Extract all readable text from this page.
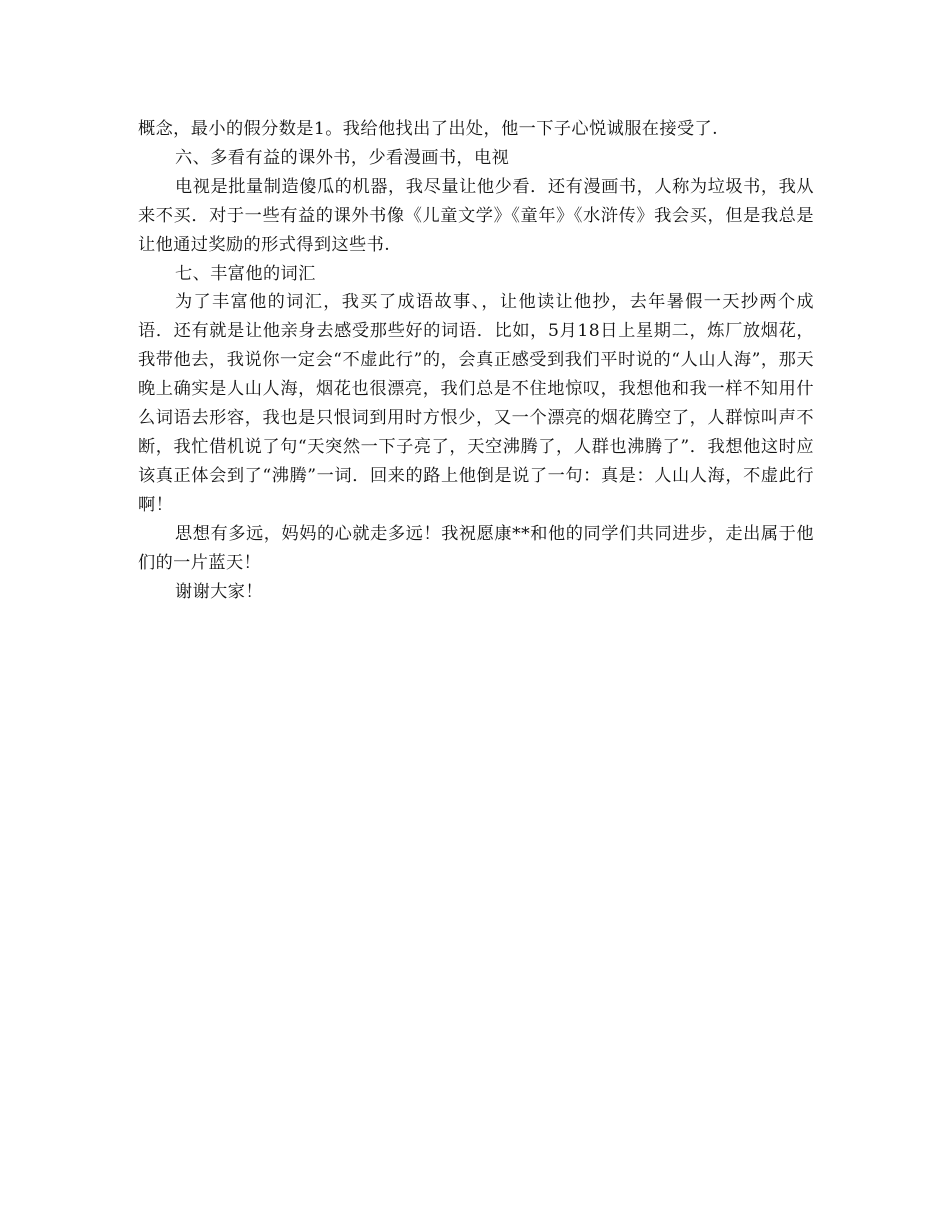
概念，最小的假分数是1。我给他找出了出处，他一下子心悦诚服在接受了.

六、多看有益的课外书，少看漫画书，电视

电视是批量制造傻瓜的机器，我尽量让他少看．还有漫画书，人称为垃圾书，我从来不买．对于一些有益的课外书像《儿童文学》《童年》《水浒传》我会买，但是我总是让他通过奖励的形式得到这些书.

七、丰富他的词汇

为了丰富他的词汇，我买了成语故事、，让他读让他抄，去年暑假一天抄两个成语．还有就是让他亲身去感受那些好的词语．比如，5月18日上星期二，炼厂放烟花，我带他去，我说你一定会“不虚此行”的，会真正感受到我们平时说的“人山人海”，那天晚上确实是人山人海，烟花也很漂亮，我们总是不住地惊叹，我想他和我一样不知用什么词语去形容，我也是只恨词到用时方恨少，又一个漂亮的烟花腾空了，人群惊叫声不断，我忙借机说了句“天突然一下子亮了，天空沸腾了，人群也沸腾了”．我想他这时应该真正体会到了“沸腾”一词．回来的路上他倒是说了一句：真是：人山人海，不虚此行啊！

思想有多远，妈妈的心就走多远！我祝愿康**和他的同学们共同进步，走出属于他们的一片蓝天！

谢谢大家！
